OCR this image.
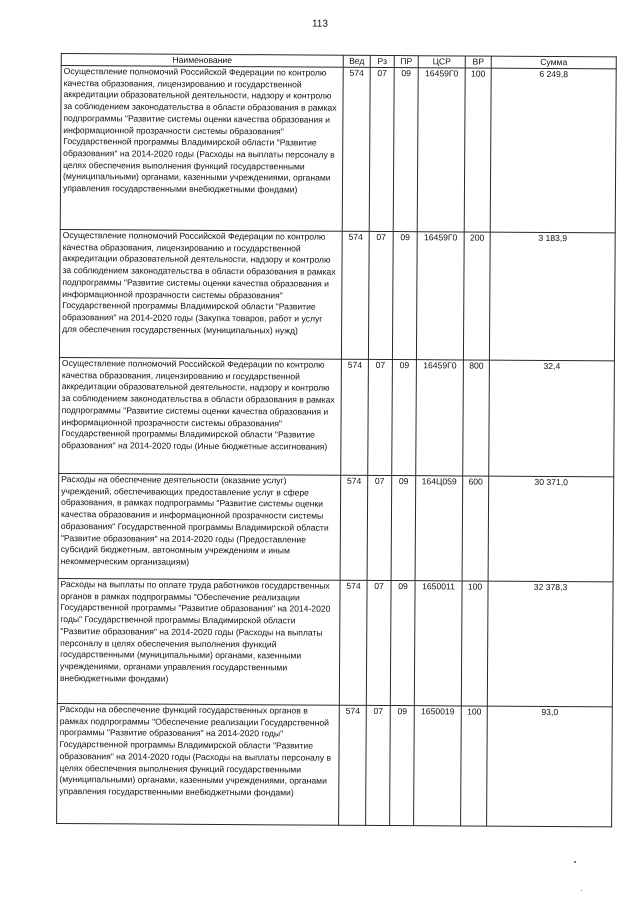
113
Наименование	Вед	Рз	ПР	ЦСР	ВР	Сумма
Осуществление полномочий Российской Федерации по контролю качества образования, лицензированию и государственной аккредитации образовательной деятельности, надзору и контролю за соблюдением законодательства в области образования в рамках подпрограммы "Развитие системы оценки качества образования и информационной прозрачности системы образования" Государственной программы Владимирской области "Развитие образования" на 2014-2020 годы (Расходы на выплаты персоналу в целях обеспечения выполнения функций государственными (муниципальными) органами, казенными учреждениями, органами управления государственными внебюджетными фондами)	574	07	09	16459Г0	100	6 249,8
Осуществление полномочий Российской Федерации по контролю качества образования, лицензированию и государственной аккредитации образовательной деятельности, надзору и контролю за соблюдением законодательства в области образования в рамках подпрограммы "Развитие системы оценки качества образования и информационной прозрачности системы образования" Государственной программы Владимирской области "Развитие образования" на 2014-2020 годы (Закупка товаров, работ и услуг для обеспечения государственных (муниципальных) нужд)	574	07	09	16459Г0	200	3 183,9
Осуществление полномочий Российской Федерации по контролю качества образования, лицензированию и государственной аккредитации образовательной деятельности, надзору и контролю за соблюдением законодательства в области образования в рамках подпрограммы "Развитие системы оценки качества образования и информационной прозрачности системы образования" Государственной программы Владимирской области "Развитие образования" на 2014-2020 годы (Иные бюджетные ассигнования)	574	07	09	16459Г0	800	32,4
Расходы на обеспечение деятельности (оказание услуг) учреждений, обеспечивающих предоставление услуг в сфере образования, в рамках подпрограммы "Развитие системы оценки качества образования и информационной прозрачности системы образования" Государственной программы Владимирской области "Развитие образования" на 2014-2020 годы (Предоставление субсидий бюджетным, автономным учреждениям и иным некоммерческим организациям)	574	07	09	164Ц059	600	30 371,0
Расходы на выплаты по оплате труда работников государственных органов в рамках подпрограммы "Обеспечение реализации Государственной программы "Развитие образования" на 2014-2020 годы" Государственной программы Владимирской области "Развитие образования" на 2014-2020 годы (Расходы на выплаты персоналу в целях обеспечения выполнения функций государственными (муниципальными) органами, казенными учреждениями, органами управления государственными внебюджетными фондами)	574	07	09	1650011	100	32 378,3
Расходы на обеспечение функций государственных органов в рамках подпрограммы "Обеспечение реализации Государственной программы "Развитие образования" на 2014-2020 годы" Государственной программы Владимирской области "Развитие образования" на 2014-2020 годы (Расходы на выплаты персоналу в целях обеспечения выполнения функций государственными (муниципальными) органами, казенными учреждениями, органами управления государственными внебюджетными фондами)	574	07	09	1650019	100	93,0
